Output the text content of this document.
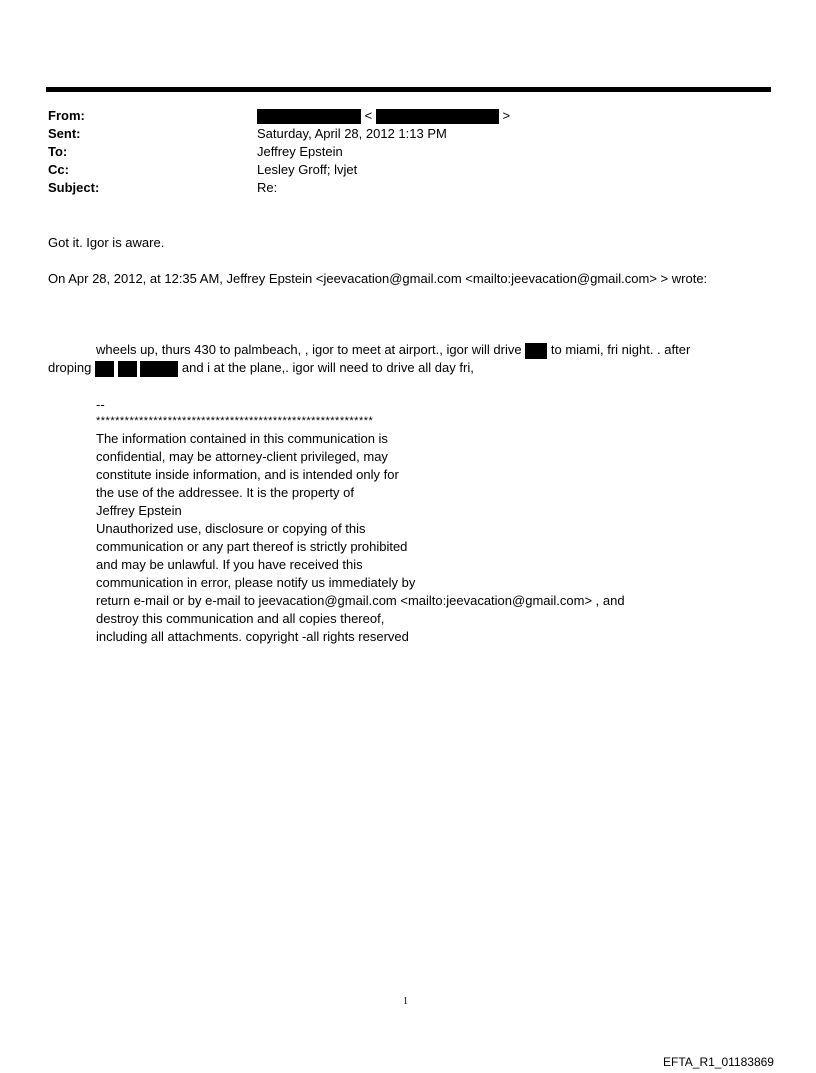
From:
Sent:
To:
Cc:
Subject:
<	>
Saturday, April 28, 2012 1:13 PM
Jeffrey Epstein
Lesley Groff; lvjet
Re:
Got it. Igor is aware.
On Apr 28, 2012, at 12:35 AM, Jeffrey Epstein <jeevacation@gmail.com <mailto:jeevacation@gmail.com> > wrote:
wheels up, thurs 430 to palmbeach, , igor to meet at airport., igor will drive to miami, fri night. . after
droping	and i at the plane,. igor will need to drive all day fri,
--
**********************************************************
The information contained in this communication is
confidential, may be attorney-client privileged, may
constitute inside information, and is intended only for
the use of the addressee. It is the property of
Jeffrey Epstein
Unauthorized use, disclosure or copying of this
communication or any part thereof is strictly prohibited
and may be unlawful. If you have received this
communication in error, please notify us immediately by
return e-mail or by e-mail to jeevacation@gmail.com <mailto:jeevacation@gmail.com> , and
destroy this communication and all copies thereof,
including all attachments. copyright -all rights reserved
1
EFTA_R1_01183869
